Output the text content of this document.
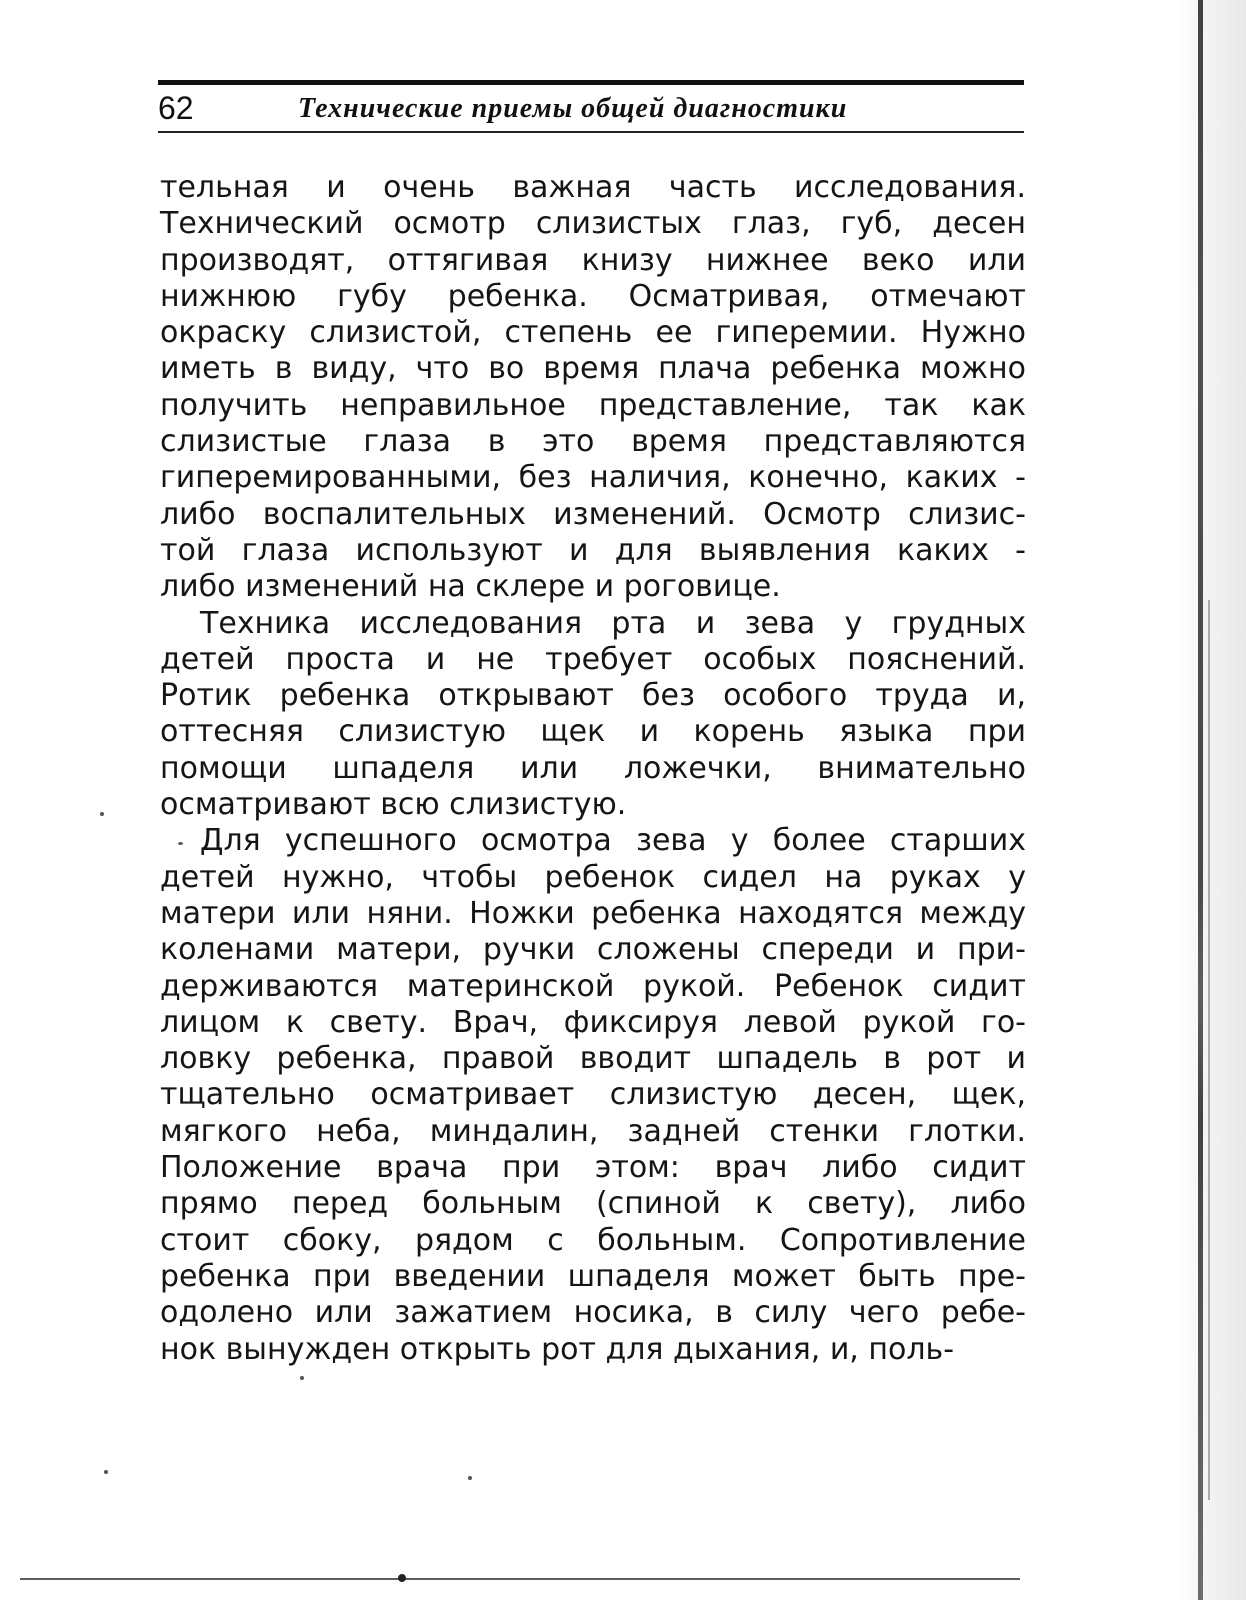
62	Технические приемы общей диагностики
тельная и очень важная часть исследования.
Технический осмотр слизистых глаз, губ, десен
производят, оттягивая книзу нижнее веко или
нижнюю губу ребенка. Осматривая, отмечают
окраску слизистой, степень ее гиперемии. Нужно
иметь в виду, что во время плача ребенка можно
получить неправильное представление, так как
слизистые глаза в это время представляются
гиперемированными, без наличия, конечно, каких -
либо воспалительных изменений. Осмотр слизис-
той глаза используют и для выявления каких -
либо изменений на склере и роговице.
Техника исследования рта и зева у грудных
детей проста и не требует особых пояснений.
Ротик ребенка открывают без особого труда и,
оттесняя слизистую щек и корень языка при
помощи шпаделя или ложечки, внимательно
осматривают всю слизистую.
Для успешного осмотра зева у более старших
детей нужно, чтобы ребенок сидел на руках у
матери или няни. Ножки ребенка находятся между
коленами матери, ручки сложены спереди и при-
держиваются материнской рукой. Ребенок сидит
лицом к свету. Врач, фиксируя левой рукой го-
ловку ребенка, правой вводит шпадель в рот и
тщательно осматривает слизистую десен, щек,
мягкого неба, миндалин, задней стенки глотки.
Положение врача при этом: врач либо сидит
прямо перед больным (спиной к свету), либо
стоит сбоку, рядом с больным. Сопротивление
ребенка при введении шпаделя может быть пре-
одолено или зажатием носика, в силу чего ребе-
нок вынужден открыть рот для дыхания, и, поль-
